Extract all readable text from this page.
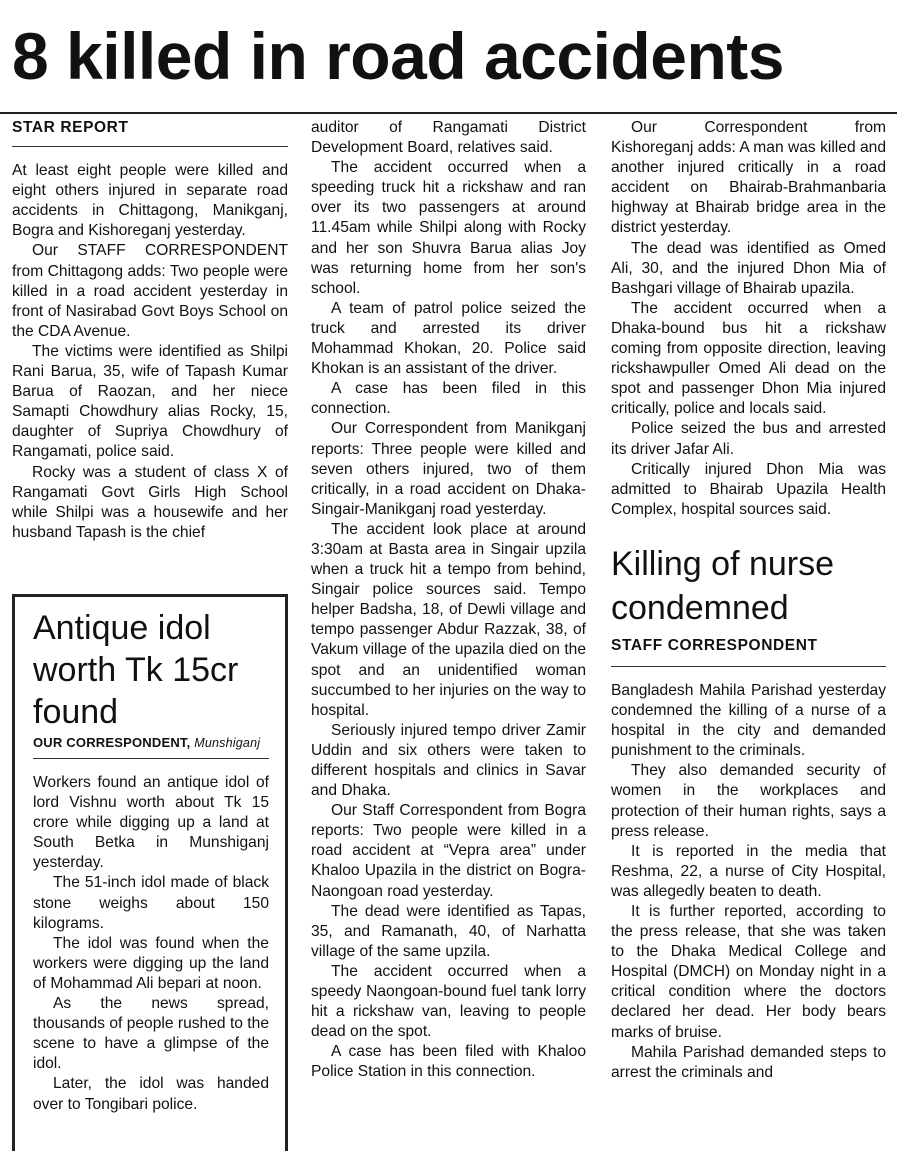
8 killed in road accidents
STAR REPORT

At least eight people were killed and eight others injured in separate road accidents in Chittagong, Manikganj, Bogra and Kishoreganj yesterday.

Our STAFF CORRESPONDENT from Chittagong adds: Two people were killed in a road accident yesterday in front of Nasirabad Govt Boys School on the CDA Avenue.

The victims were identified as Shilpi Rani Barua, 35, wife of Tapash Kumar Barua of Raozan, and her niece Samapti Chowdhury alias Rocky, 15, daughter of Supriya Chowdhury of Rangamati, police said.

Rocky was a student of class X of Rangamati Govt Girls High School while Shilpi was a housewife and her husband Tapash is the chief

Antique idol worth Tk 15cr found
OUR CORRESPONDENT, Munshiganj

Workers found an antique idol of lord Vishnu worth about Tk 15 crore while digging up a land at South Betka in Munshiganj yesterday.

The 51-inch idol made of black stone weighs about 150 kilograms.

The idol was found when the workers were digging up the land of Mohammad Ali bepari at noon.

As the news spread, thousands of people rushed to the scene to have a glimpse of the idol.

Later, the idol was handed over to Tongibari police.

auditor of Rangamati District Development Board, relatives said.

The accident occurred when a speeding truck hit a rickshaw and ran over its two passengers at around 11.45am while Shilpi along with Rocky and her son Shuvra Barua alias Joy was returning home from her son's school.

A team of patrol police seized the truck and arrested its driver Mohammad Khokan, 20. Police said Khokan is an assistant of the driver.

A case has been filed in this connection.

Our Correspondent from Manikganj reports: Three people were killed and seven others injured, two of them critically, in a road accident on Dhaka-Singair-Manikganj road yesterday.

The accident look place at around 3:30am at Basta area in Singair upzila when a truck hit a tempo from behind, Singair police sources said. Tempo helper Badsha, 18, of Dewli village and tempo passenger Abdur Razzak, 38, of Vakum village of the upazila died on the spot and an unidentified woman succumbed to her injuries on the way to hospital.

Seriously injured tempo driver Zamir Uddin and six others were taken to different hospitals and clinics in Savar and Dhaka.

Our Staff Correspondent from Bogra reports: Two people were killed in a road accident at “Vepra area” under Khaloo Upazila in the district on Bogra-Naongoan road yesterday.

The dead were identified as Tapas, 35, and Ramanath, 40, of Narhatta village of the same upzila.

The accident occurred when a speedy Naongoan-bound fuel tank lorry hit a rickshaw van, leaving to people dead on the spot.

A case has been filed with Khaloo Police Station in this connection.

Our Correspondent from Kishoreganj adds: A man was killed and another injured critically in a road accident on Bhairab-Brahmanbaria highway at Bhairab bridge area in the district yesterday.

The dead was identified as Omed Ali, 30, and the injured Dhon Mia of Bashgari village of Bhairab upazila.

The accident occurred when a Dhaka-bound bus hit a rickshaw coming from opposite direction, leaving rickshawpuller Omed Ali dead on the spot and passenger Dhon Mia injured critically, police and locals said.

Police seized the bus and arrested its driver Jafar Ali.

Critically injured Dhon Mia was admitted to Bhairab Upazila Health Complex, hospital sources said.

Killing of nurse condemned
STAFF CORRESPONDENT

Bangladesh Mahila Parishad yesterday condemned the killing of a nurse of a hospital in the city and demanded punishment to the criminals.

They also demanded security of women in the workplaces and protection of their human rights, says a press release.

It is reported in the media that Reshma, 22, a nurse of City Hospital, was allegedly beaten to death.

It is further reported, according to the press release, that she was taken to the Dhaka Medical College and Hospital (DMCH) on Monday night in a critical condition where the doctors declared her dead. Her body bears marks of bruise.

Mahila Parishad demanded steps to arrest the criminals and
